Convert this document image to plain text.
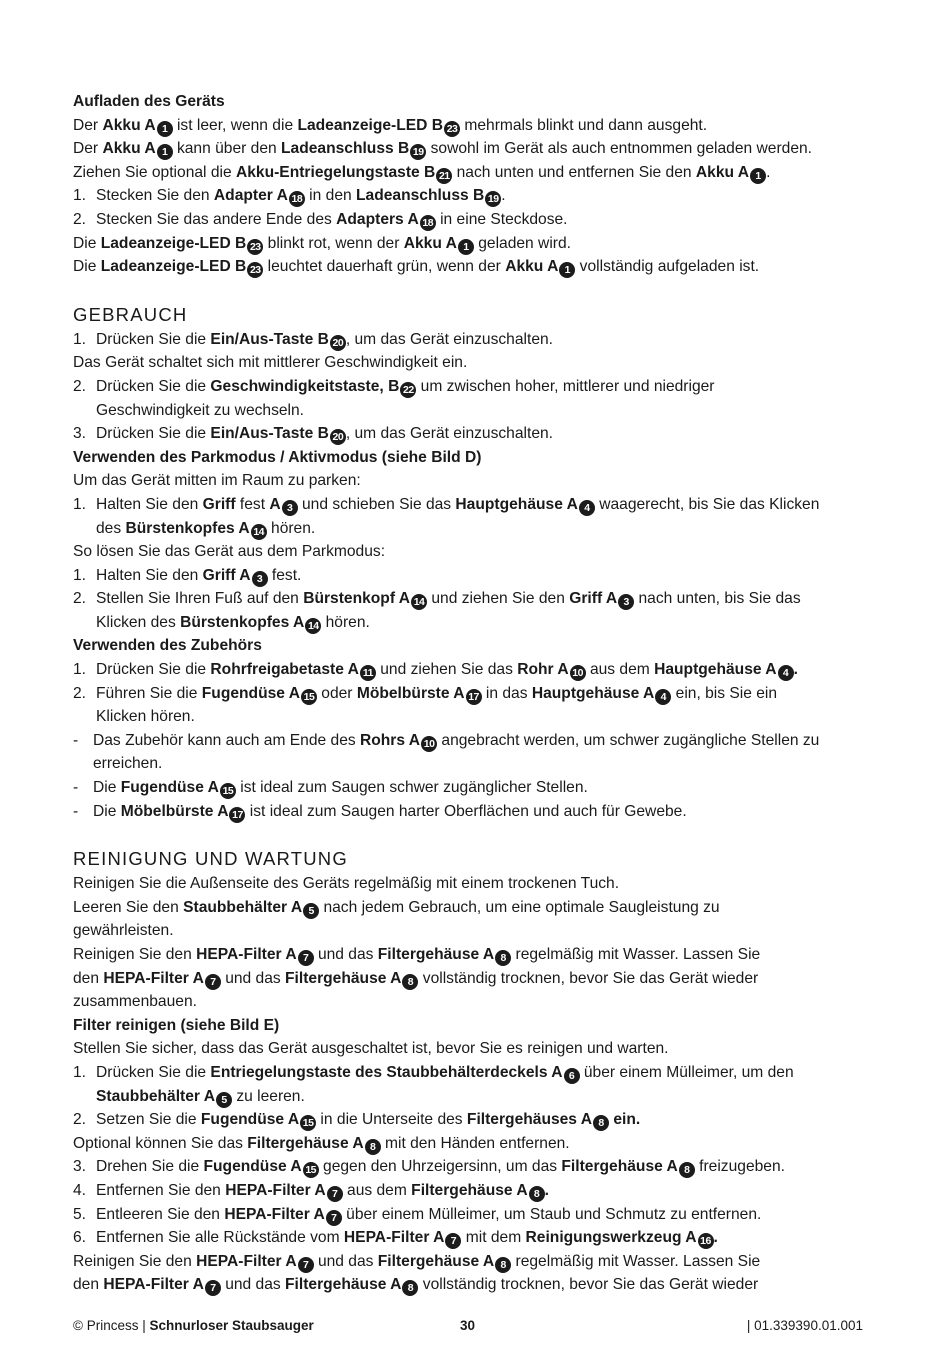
Aufladen des Geräts
Der Akku A 1 ist leer, wenn die Ladeanzeige-LED B 23 mehrmals blinkt und dann ausgeht.
Der Akku A 1 kann über den Ladeanschluss B 19 sowohl im Gerät als auch entnommen geladen werden.
Ziehen Sie optional die Akku-Entriegelungstaste B 21 nach unten und entfernen Sie den Akku A 1 .
1. Stecken Sie den Adapter A 18 in den Ladeanschluss B 19 .
2. Stecken Sie das andere Ende des Adapters A 18 in eine Steckdose.
Die Ladeanzeige-LED B 23 blinkt rot, wenn der Akku A 1 geladen wird.
Die Ladeanzeige-LED B 23 leuchtet dauerhaft grün, wenn der Akku A 1 vollständig aufgeladen ist.
GEBRAUCH
1. Drücken Sie die Ein/Aus-Taste B 20 , um das Gerät einzuschalten.
Das Gerät schaltet sich mit mittlerer Geschwindigkeit ein.
2. Drücken Sie die Geschwindigkeitstaste, B 22 um zwischen hoher, mittlerer und niedriger
Geschwindigkeit zu wechseln.
3. Drücken Sie die Ein/Aus-Taste B 20 , um das Gerät einzuschalten.
Verwenden des Parkmodus / Aktivmodus (siehe Bild D)
Um das Gerät mitten im Raum zu parken:
1. Halten Sie den Griff fest A 3 und schieben Sie das Hauptgehäuse A 4 waagerecht, bis Sie das Klicken
des Bürstenkopfes A 14 hören.
So lösen Sie das Gerät aus dem Parkmodus:
1. Halten Sie den Griff A 3 fest.
2. Stellen Sie Ihren Fuß auf den Bürstenkopf A 14 und ziehen Sie den Griff A 3 nach unten, bis Sie das
Klicken des Bürstenkopfes A 14 hören.
Verwenden des Zubehörs
1. Drücken Sie die Rohrfreigabetaste A 11 und ziehen Sie das Rohr A 10 aus dem Hauptgehäuse A 4 .
2. Führen Sie die Fugendüse A 15 oder Möbelbürste A 17 in das Hauptgehäuse A 4 ein, bis Sie ein
Klicken hören.
- Das Zubehör kann auch am Ende des Rohrs A 10 angebracht werden, um schwer zugängliche Stellen zu
erreichen.
- Die Fugendüse A 15 ist ideal zum Saugen schwer zugänglicher Stellen.
- Die Möbelbürste A 17 ist ideal zum Saugen harter Oberflächen und auch für Gewebe.
REINIGUNG UND WARTUNG
Reinigen Sie die Außenseite des Geräts regelmäßig mit einem trockenen Tuch.
Leeren Sie den Staubbehälter A 5 nach jedem Gebrauch, um eine optimale Saugleistung zu
gewährleisten.
Reinigen Sie den HEPA-Filter A 7 und das Filtergehäuse A 8 regelmäßig mit Wasser. Lassen Sie
den HEPA-Filter A 7 und das Filtergehäuse A 8 vollständig trocknen, bevor Sie das Gerät wieder
zusammenbauen.
Filter reinigen (siehe Bild E)
Stellen Sie sicher, dass das Gerät ausgeschaltet ist, bevor Sie es reinigen und warten.
1. Drücken Sie die Entriegelungstaste des Staubbehälterdeckels A 6 über einem Mülleimer, um den
Staubbehälter A 5 zu leeren.
2. Setzen Sie die Fugendüse A 15 in die Unterseite des Filtergehäuses A 8 ein.
Optional können Sie das Filtergehäuse A 8 mit den Händen entfernen.
3. Drehen Sie die Fugendüse A 15 gegen den Uhrzeigersinn, um das Filtergehäuse A 8 freizugeben.
4. Entfernen Sie den HEPA-Filter A 7 aus dem Filtergehäuse A 8 .
5. Entleeren Sie den HEPA-Filter A 7 über einem Mülleimer, um Staub und Schmutz zu entfernen.
6. Entfernen Sie alle Rückstände vom HEPA-Filter A 7 mit dem Reinigungswerkzeug A 16 .
Reinigen Sie den HEPA-Filter A 7 und das Filtergehäuse A 8 regelmäßig mit Wasser. Lassen Sie
den HEPA-Filter A 7 und das Filtergehäuse A 8 vollständig trocknen, bevor Sie das Gerät wieder
© Princess | Schnurloser Staubsauger	30	| 01.339390.01.001
